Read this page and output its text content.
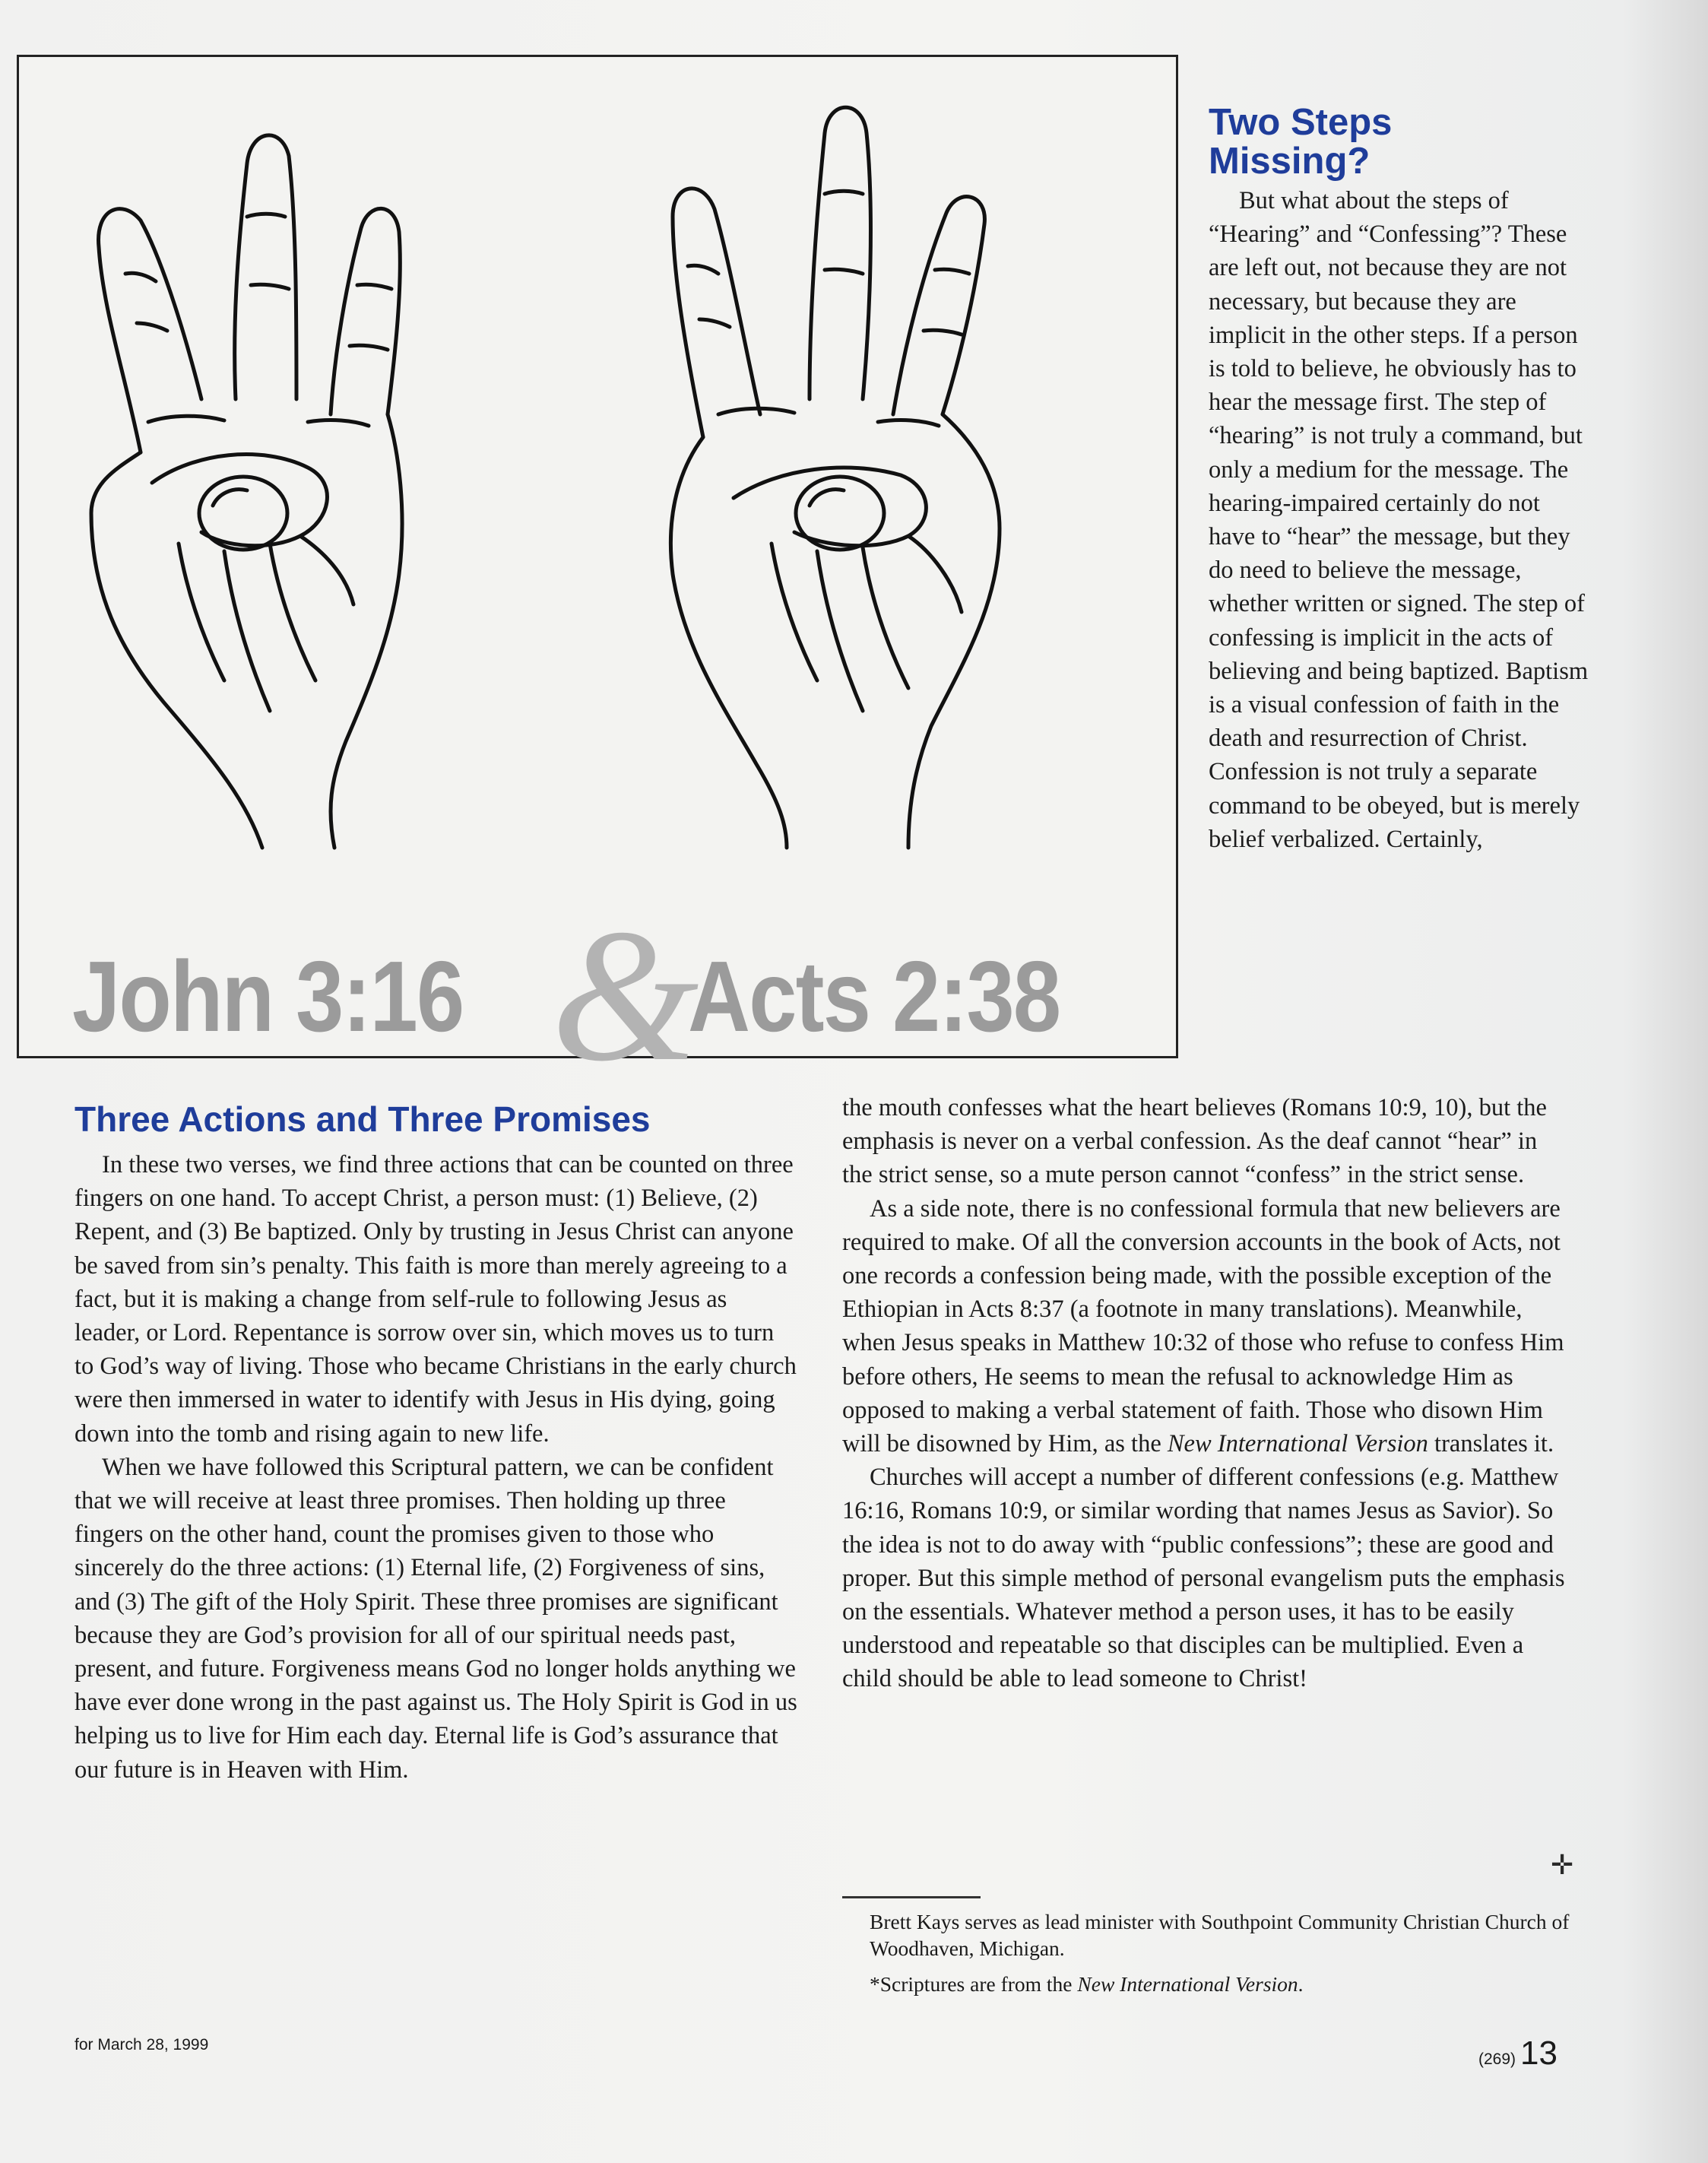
John 3:16 &
Acts 2:38
Two Steps
Missing?

But what about the steps of “Hearing” and “Confessing”? These are left out, not because they are not necessary, but because they are implicit in the other steps. If a person is told to believe, he obviously has to hear the message first. The step of “hearing” is not truly a command, but only a medium for the message. The hearing-impaired certainly do not have to “hear” the message, but they do need to believe the message, whether written or signed. The step of confessing is implicit in the acts of believing and being baptized. Baptism is a visual confession of faith in the death and resurrection of Christ. Confession is not truly a separate command to be obeyed, but is merely belief verbalized. Certainly,

Three Actions and Three Promises

In these two verses, we find three actions that can be counted on three fingers on one hand. To accept Christ, a person must: (1) Believe, (2) Repent, and (3) Be baptized. Only by trusting in Jesus Christ can anyone be saved from sin’s penalty. This faith is more than merely agreeing to a fact, but it is making a change from self-rule to following Jesus as leader, or Lord. Repentance is sorrow over sin, which moves us to turn to God’s way of living. Those who became Christians in the early church were then immersed in water to identify with Jesus in His dying, going down into the tomb and rising again to new life.

When we have followed this Scriptural pattern, we can be confident that we will receive at least three promises. Then holding up three fingers on the other hand, count the promises given to those who sincerely do the three actions: (1) Eternal life, (2) Forgiveness of sins, and (3) The gift of the Holy Spirit. These three promises are significant because they are God’s provision for all of our spiritual needs past, present, and future. Forgiveness means God no longer holds anything we have ever done wrong in the past against us. The Holy Spirit is God in us helping us to live for Him each day. Eternal life is God’s assurance that our future is in Heaven with Him.

the mouth confesses what the heart believes (Romans 10:9, 10), but the emphasis is never on a verbal confession. As the deaf cannot “hear” in the strict sense, so a mute person cannot “confess” in the strict sense.

As a side note, there is no confessional formula that new believers are required to make. Of all the conversion accounts in the book of Acts, not one records a confession being made, with the possible exception of the Ethiopian in Acts 8:37 (a footnote in many translations). Meanwhile, when Jesus speaks in Matthew 10:32 of those who refuse to confess Him before others, He seems to mean the refusal to acknowledge Him as opposed to making a verbal statement of faith. Those who disown Him will be disowned by Him, as the New International Version translates it.

Churches will accept a number of different confessions (e.g. Matthew 16:16, Romans 10:9, or similar wording that names Jesus as Savior). So the idea is not to do away with “public confessions”; these are good and proper. But this simple method of personal evangelism puts the emphasis on the essentials. Whatever method a person uses, it has to be easily understood and repeatable so that disciples can be multiplied. Even a child should be able to lead someone to Christ!

✛
Brett Kays serves as lead minister with Southpoint Community Christian Church of Woodhaven, Michigan.
*Scriptures are from the New International Version.
for March 28, 1999
(269) 13
